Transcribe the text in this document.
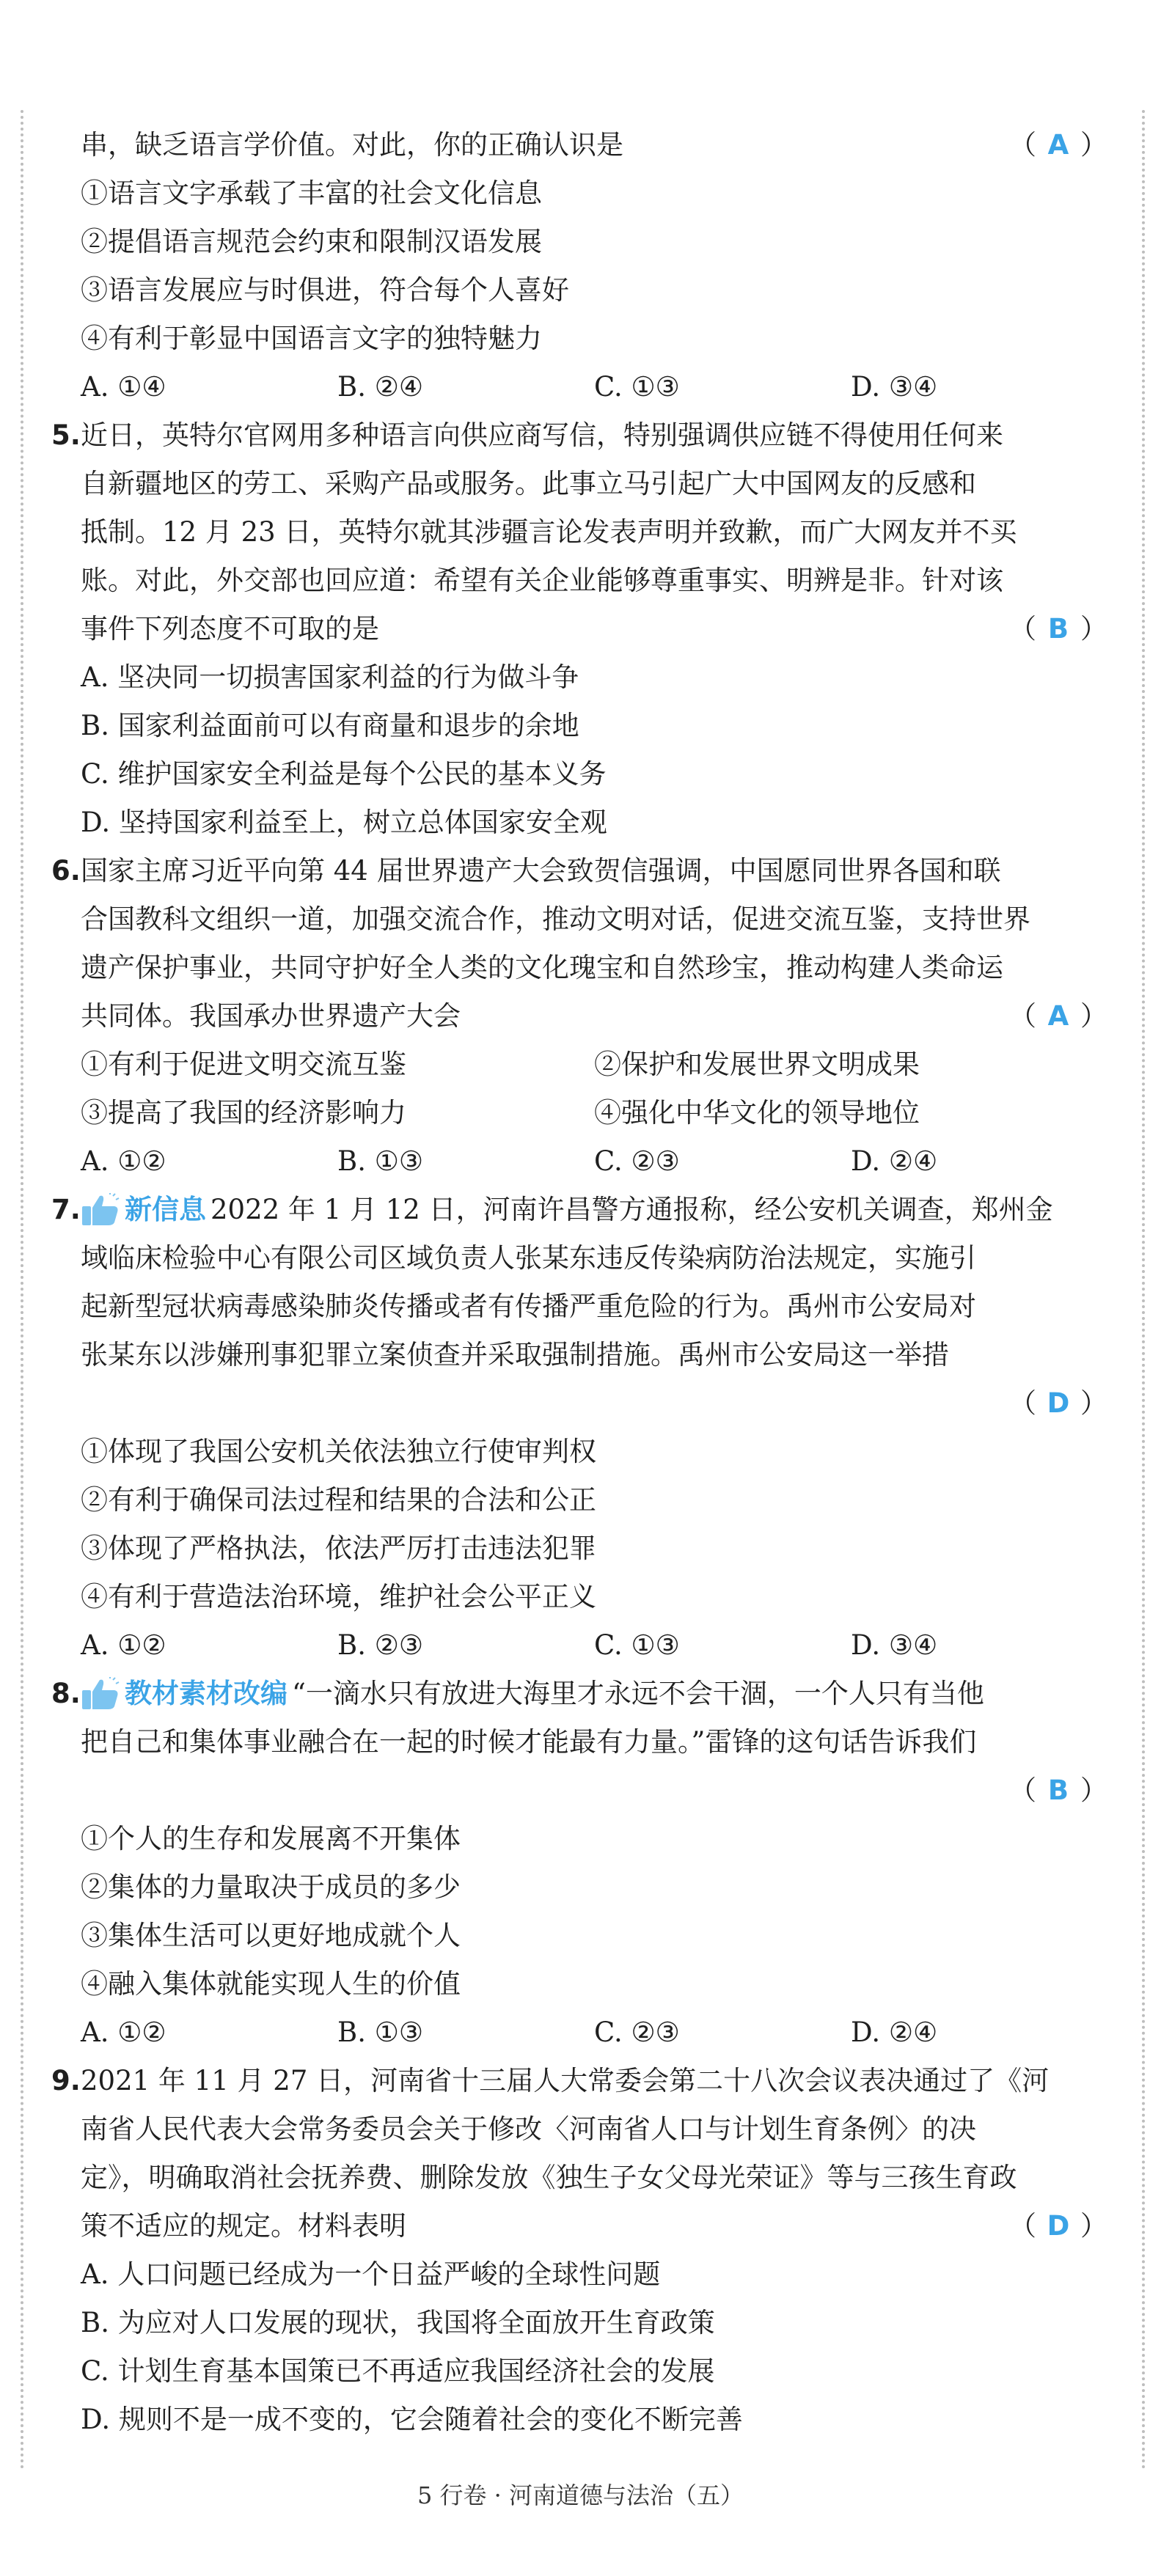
串，缺乏语言学价值。对此，你的正确认识是	（ A ）
①语言文字承载了丰富的社会文化信息
②提倡语言规范会约束和限制汉语发展
③语言发展应与时俱进，符合每个人喜好
④有利于彰显中国语言文字的独特魅力
A. ①④	B. ②④	C. ①③	D. ③④
5. 近日，英特尔官网用多种语言向供应商写信，特别强调供应链不得使用任何来
自新疆地区的劳工、采购产品或服务。此事立马引起广大中国网友的反感和
抵制。12 月 23 日，英特尔就其涉疆言论发表声明并致歉，而广大网友并不买
账。对此，外交部也回应道：希望有关企业能够尊重事实、明辨是非。针对该
事件下列态度不可取的是	（ B ）
A. 坚决同一切损害国家利益的行为做斗争
B. 国家利益面前可以有商量和退步的余地
C. 维护国家安全利益是每个公民的基本义务
D. 坚持国家利益至上，树立总体国家安全观
6. 国家主席习近平向第 44 届世界遗产大会致贺信强调，中国愿同世界各国和联
合国教科文组织一道，加强交流合作，推动文明对话，促进交流互鉴，支持世界
遗产保护事业，共同守护好全人类的文化瑰宝和自然珍宝，推动构建人类命运
共同体。我国承办世界遗产大会	（ A ）
①有利于促进文明交流互鉴	②保护和发展世界文明成果
③提高了我国的经济影响力	④强化中华文化的领导地位
A. ①②	B. ①③	C. ②③	D. ②④
7. 新信息 2022 年 1 月 12 日，河南许昌警方通报称，经公安机关调查，郑州金
域临床检验中心有限公司区域负责人张某东违反传染病防治法规定，实施引
起新型冠状病毒感染肺炎传播或者有传播严重危险的行为。禹州市公安局对
张某东以涉嫌刑事犯罪立案侦查并采取强制措施。禹州市公安局这一举措
（ D ）
①体现了我国公安机关依法独立行使审判权
②有利于确保司法过程和结果的合法和公正
③体现了严格执法，依法严厉打击违法犯罪
④有利于营造法治环境，维护社会公平正义
A. ①②	B. ②③	C. ①③	D. ③④
8. 教材素材改编 “一滴水只有放进大海里才永远不会干涸，一个人只有当他
把自己和集体事业融合在一起的时候才能最有力量。”雷锋的这句话告诉我们
（ B ）
①个人的生存和发展离不开集体
②集体的力量取决于成员的多少
③集体生活可以更好地成就个人
④融入集体就能实现人生的价值
A. ①②	B. ①③	C. ②③	D. ②④
9. 2021 年 11 月 27 日，河南省十三届人大常委会第二十八次会议表决通过了《河
南省人民代表大会常务委员会关于修改〈河南省人口与计划生育条例〉的决
定》，明确取消社会抚养费、删除发放《独生子女父母光荣证》等与三孩生育政
策不适应的规定。材料表明	（ D ）
A. 人口问题已经成为一个日益严峻的全球性问题
B. 为应对人口发展的现状，我国将全面放开生育政策
C. 计划生育基本国策已不再适应我国经济社会的发展
D. 规则不是一成不变的，它会随着社会的变化不断完善
5 行卷 · 河南道德与法治（五）
